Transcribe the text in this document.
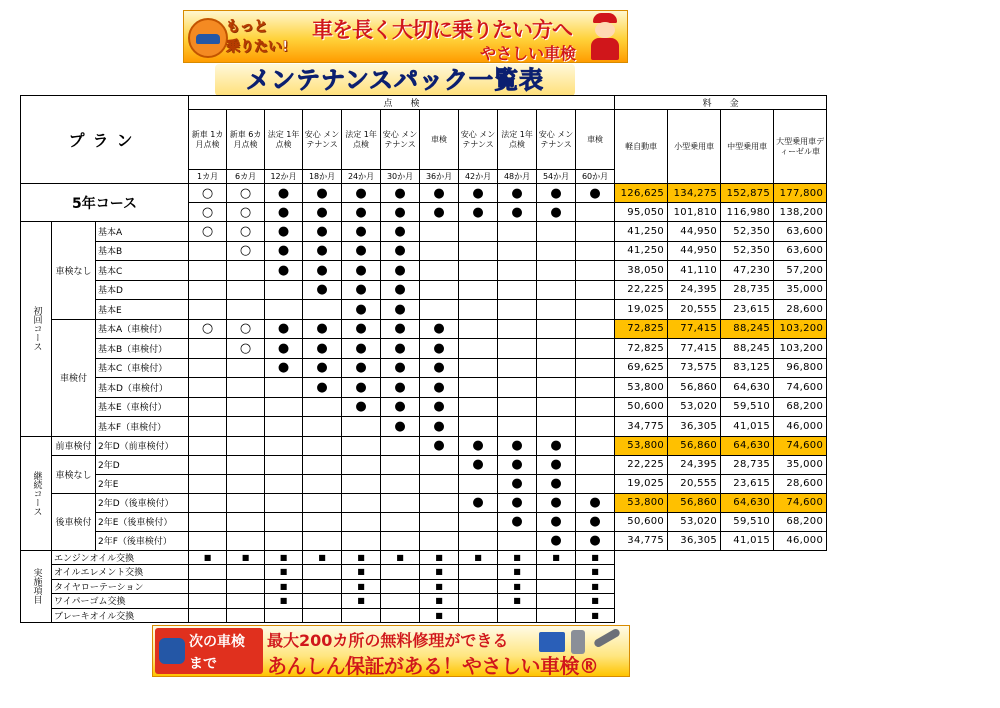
もっと
乗りたい!
車を長く大切に乗りたい方へ
やさしい車検
メンテナンスパック一覧表
プラン			点　　検											料　　金			
			新車 1カ月点検	新車 6カ月点検	法定 1年 点検	安心 メンテナンス	法定 1年 点検	安心 メンテナンス	車検	安心 メンテナンス	法定 1年 点検	安心 メンテナンス	車検	軽自動車	小型乗用車	中型乗用車	大型乗用車ディーゼル車
			1カ月	6カ月	12か月	18か月	24か月	30か月	36か月	42か月	48か月	54か月	60か月				
5年コース			○	○	●	●	●	●	●	●	●	●	●	126,625	134,275	152,875	177,800
			○	○	●	●	●	●	●	●	●	●		95,050	101,810	116,980	138,200
初回コース	車検なし	基本A	○	○	●	●	●	●						41,250	44,950	52,350	63,600
		基本B		○	●	●	●	●						41,250	44,950	52,350	63,600
		基本C			●	●	●	●						38,050	41,110	47,230	57,200
		基本D				●	●	●						22,225	24,395	28,735	35,000
		基本E					●	●						19,025	20,555	23,615	28,600
	車検付	基本A（車検付）	○	○	●	●	●	●	●					72,825	77,415	88,245	103,200
		基本B（車検付）		○	●	●	●	●	●					72,825	77,415	88,245	103,200
		基本C（車検付）			●	●	●	●	●					69,625	73,575	83,125	96,800
		基本D（車検付）				●	●	●	●					53,800	56,860	64,630	74,600
		基本E（車検付）					●	●	●					50,600	53,020	59,510	68,200
		基本F（車検付）						●	●					34,775	36,305	41,015	46,000
継続コース	前車検付	2年D（前車検付）							●	●	●	●		53,800	56,860	64,630	74,600
	車検なし	2年D								●	●	●		22,225	24,395	28,735	35,000
		2年E									●	●		19,025	20,555	23,615	28,600
	後車検付	2年D（後車検付）								●	●	●	●	53,800	56,860	64,630	74,600
		2年E（後車検付）									●	●	●	50,600	53,020	59,510	68,200
		2年F（後車検付）										●	●	34,775	36,305	41,015	46,000
実施項目	エンジンオイル交換		■	■	■	■	■	■	■	■	■	■	■				
	オイルエレメント交換				■		■		■		■		■				
	タイヤローテーション				■		■		■		■		■				
	ワイパーゴム交換				■		■		■		■		■				
	ブレーキオイル交換								■				■				
次の車検
まで
最大200カ所の無料修理ができる
あんしん保証がある！やさしい車検®
